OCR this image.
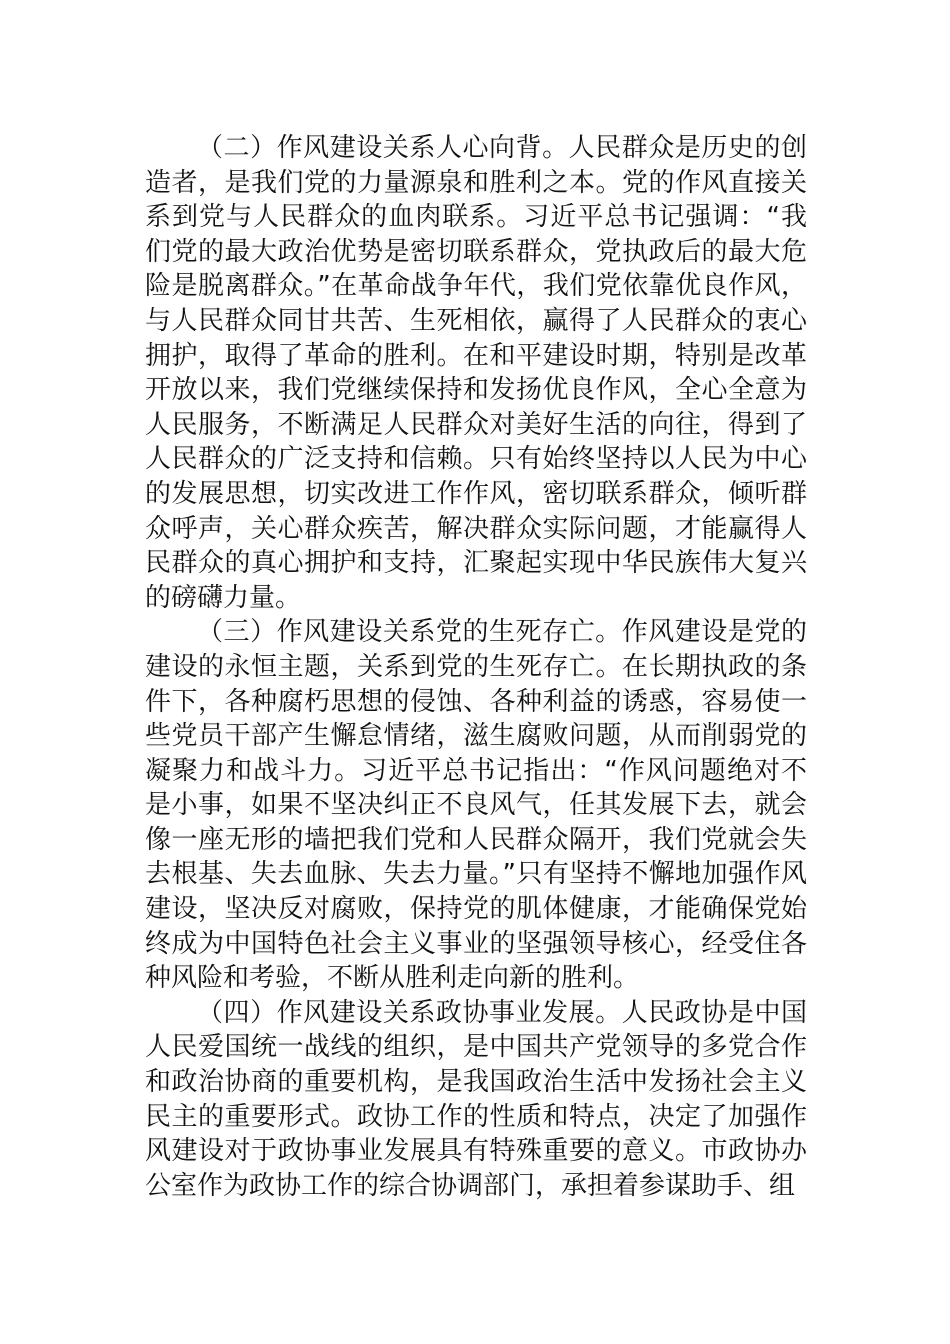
（二）作风建设关系人心向背。人民群众是历史的创造者，是我们党的力量源泉和胜利之本。党的作风直接关系到党与人民群众的血肉联系。习近平总书记强调：“我们党的最大政治优势是密切联系群众，党执政后的最大危险是脱离群众。”在革命战争年代，我们党依靠优良作风，与人民群众同甘共苦、生死相依，赢得了人民群众的衷心拥护，取得了革命的胜利。在和平建设时期，特别是改革开放以来，我们党继续保持和发扬优良作风，全心全意为人民服务，不断满足人民群众对美好生活的向往，得到了人民群众的广泛支持和信赖。只有始终坚持以人民为中心的发展思想，切实改进工作作风，密切联系群众，倾听群众呼声，关心群众疾苦，解决群众实际问题，才能赢得人民群众的真心拥护和支持，汇聚起实现中华民族伟大复兴的磅礴力量。

（三）作风建设关系党的生死存亡。作风建设是党的建设的永恒主题，关系到党的生死存亡。在长期执政的条件下，各种腐朽思想的侵蚀、各种利益的诱惑，容易使一些党员干部产生懈怠情绪，滋生腐败问题，从而削弱党的凝聚力和战斗力。习近平总书记指出：“作风问题绝对不是小事，如果不坚决纠正不良风气，任其发展下去，就会像一座无形的墙把我们党和人民群众隔开，我们党就会失去根基、失去血脉、失去力量。”只有坚持不懈地加强作风建设，坚决反对腐败，保持党的肌体健康，才能确保党始终成为中国特色社会主义事业的坚强领导核心，经受住各种风险和考验，不断从胜利走向新的胜利。

（四）作风建设关系政协事业发展。人民政协是中国人民爱国统一战线的组织，是中国共产党领导的多党合作和政治协商的重要机构，是我国政治生活中发扬社会主义民主的重要形式。政协工作的性质和特点，决定了加强作风建设对于政协事业发展具有特殊重要的意义。市政协办公室作为政协工作的综合协调部门，承担着参谋助手、组
